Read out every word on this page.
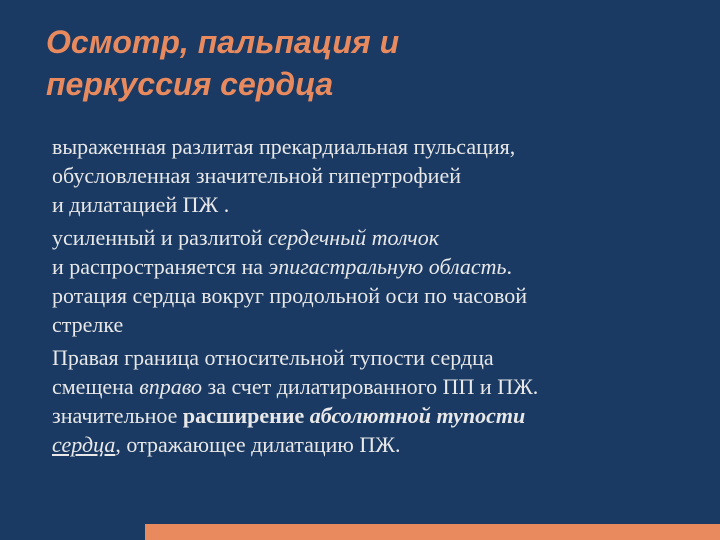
Осмотр, пальпация и
перкуссия сердца
выраженная разлитая прекардиальная пульсация,
обусловленная значительной гипертрофией
и дилатацией ПЖ .
усиленный и разлитой сердечный толчок
и распространяется на эпигастральную область.
ротация сердца вокруг продольной оси по часовой
стрелке
Правая граница относительной тупости сердца
смещена вправо за счет дилатированного ПП и ПЖ.
значительное расширение абсолютной тупости
сердца, отражающее дилатацию ПЖ.
